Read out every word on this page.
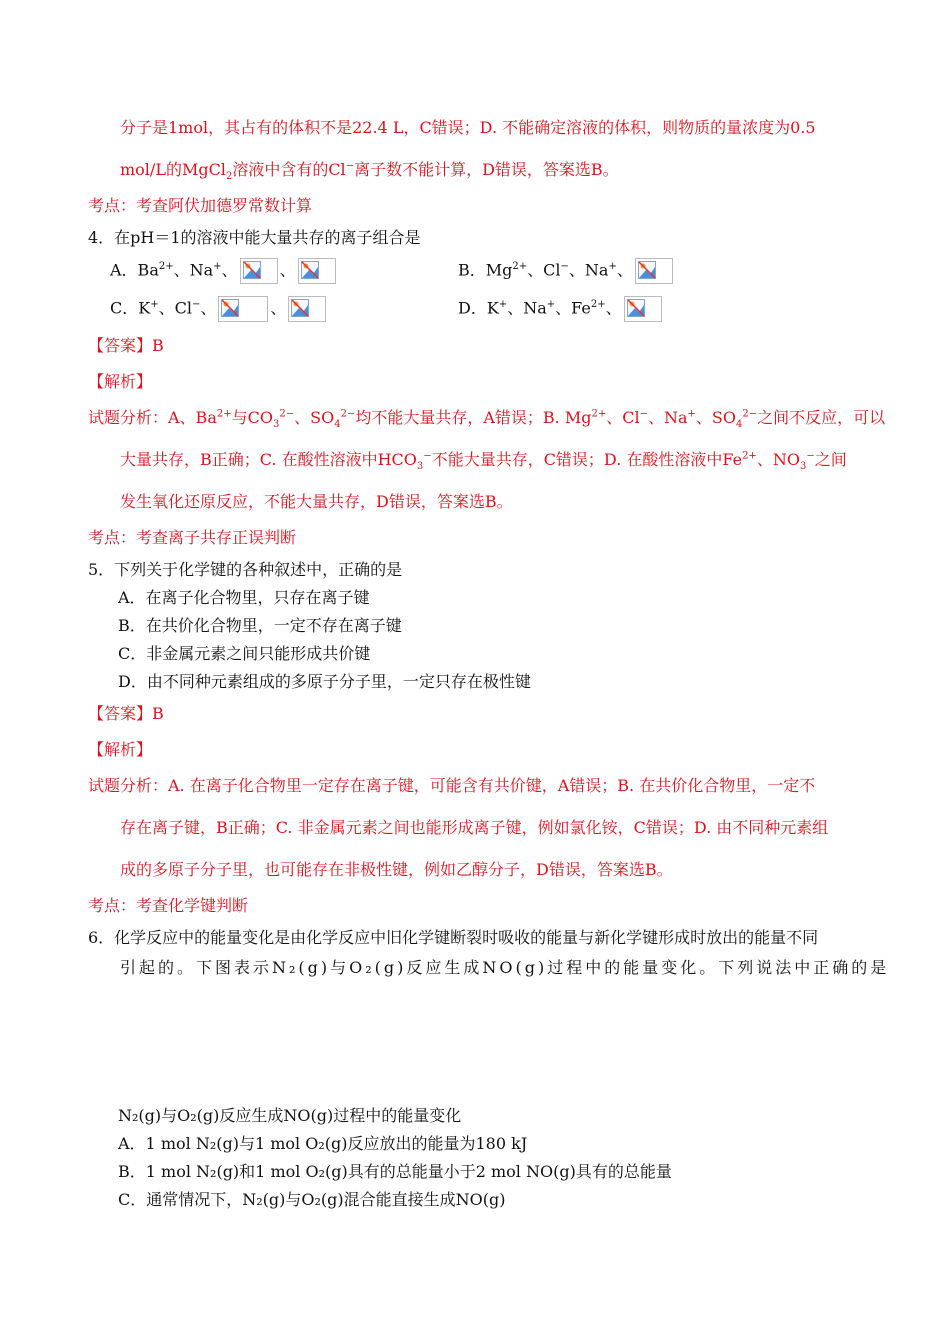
分子是1mol，其占有的体积不是22.4 L，C错误；D. 不能确定溶液的体积，则物质的量浓度为0.5
mol/L的MgCl$_2$溶液中含有的Cl−离子数不能计算，D错误，答案选B。
考点：考查阿伏加德罗常数计算
4．在pH＝1的溶液中能大量共存的离子组合是
A．$Ba^{2+}$、Na+、	、	B．$Mg^{2+}$、Cl−、Na+、
C．K+、Cl−、	、	D．K+、Na+、$Fe^{2+}$、
【答案】B
【解析】
试题分析：A、$Ba^{2+}$与$CO_3^{2-}$、$SO_4^{2-}$均不能大量共存，A错误；B. $Mg^{2+}$、Cl−、Na+、$SO_4^{2-}$之间不反应，可以
大量共存，B正确；C. 在酸性溶液中$HCO_3^-$不能大量共存，C错误；D. 在酸性溶液中$Fe^{2+}$、$NO_3^-$之间
发生氧化还原反应，不能大量共存，D错误，答案选B。
考点：考查离子共存正误判断
5．下列关于化学键的各种叙述中，正确的是
A．在离子化合物里，只存在离子键
B．在共价化合物里，一定不存在离子键
C．非金属元素之间只能形成共价键
D．由不同种元素组成的多原子分子里，一定只存在极性键
【答案】B
【解析】
试题分析：A. 在离子化合物里一定存在离子键，可能含有共价键，A错误；B. 在共价化合物里，一定不
存在离子键，B正确；C. 非金属元素之间也能形成离子键，例如氯化铵，C错误；D. 由不同种元素组
成的多原子分子里，也可能存在非极性键，例如乙醇分子，D错误，答案选B。
考点：考查化学键判断
6．化学反应中的能量变化是由化学反应中旧化学键断裂时吸收的能量与新化学键形成时放出的能量不同
引起的。下图表示N₂(g)与O₂(g)反应生成NO(g)过程中的能量变化。下列说法中正确的是
N₂(g)与O₂(g)反应生成NO(g)过程中的能量变化
A．1 mol N₂(g)与1 mol O₂(g)反应放出的能量为180 kJ
B．1 mol N₂(g)和1 mol O₂(g)具有的总能量小于2 mol NO(g)具有的总能量
C．通常情况下，N₂(g)与O₂(g)混合能直接生成NO(g)
